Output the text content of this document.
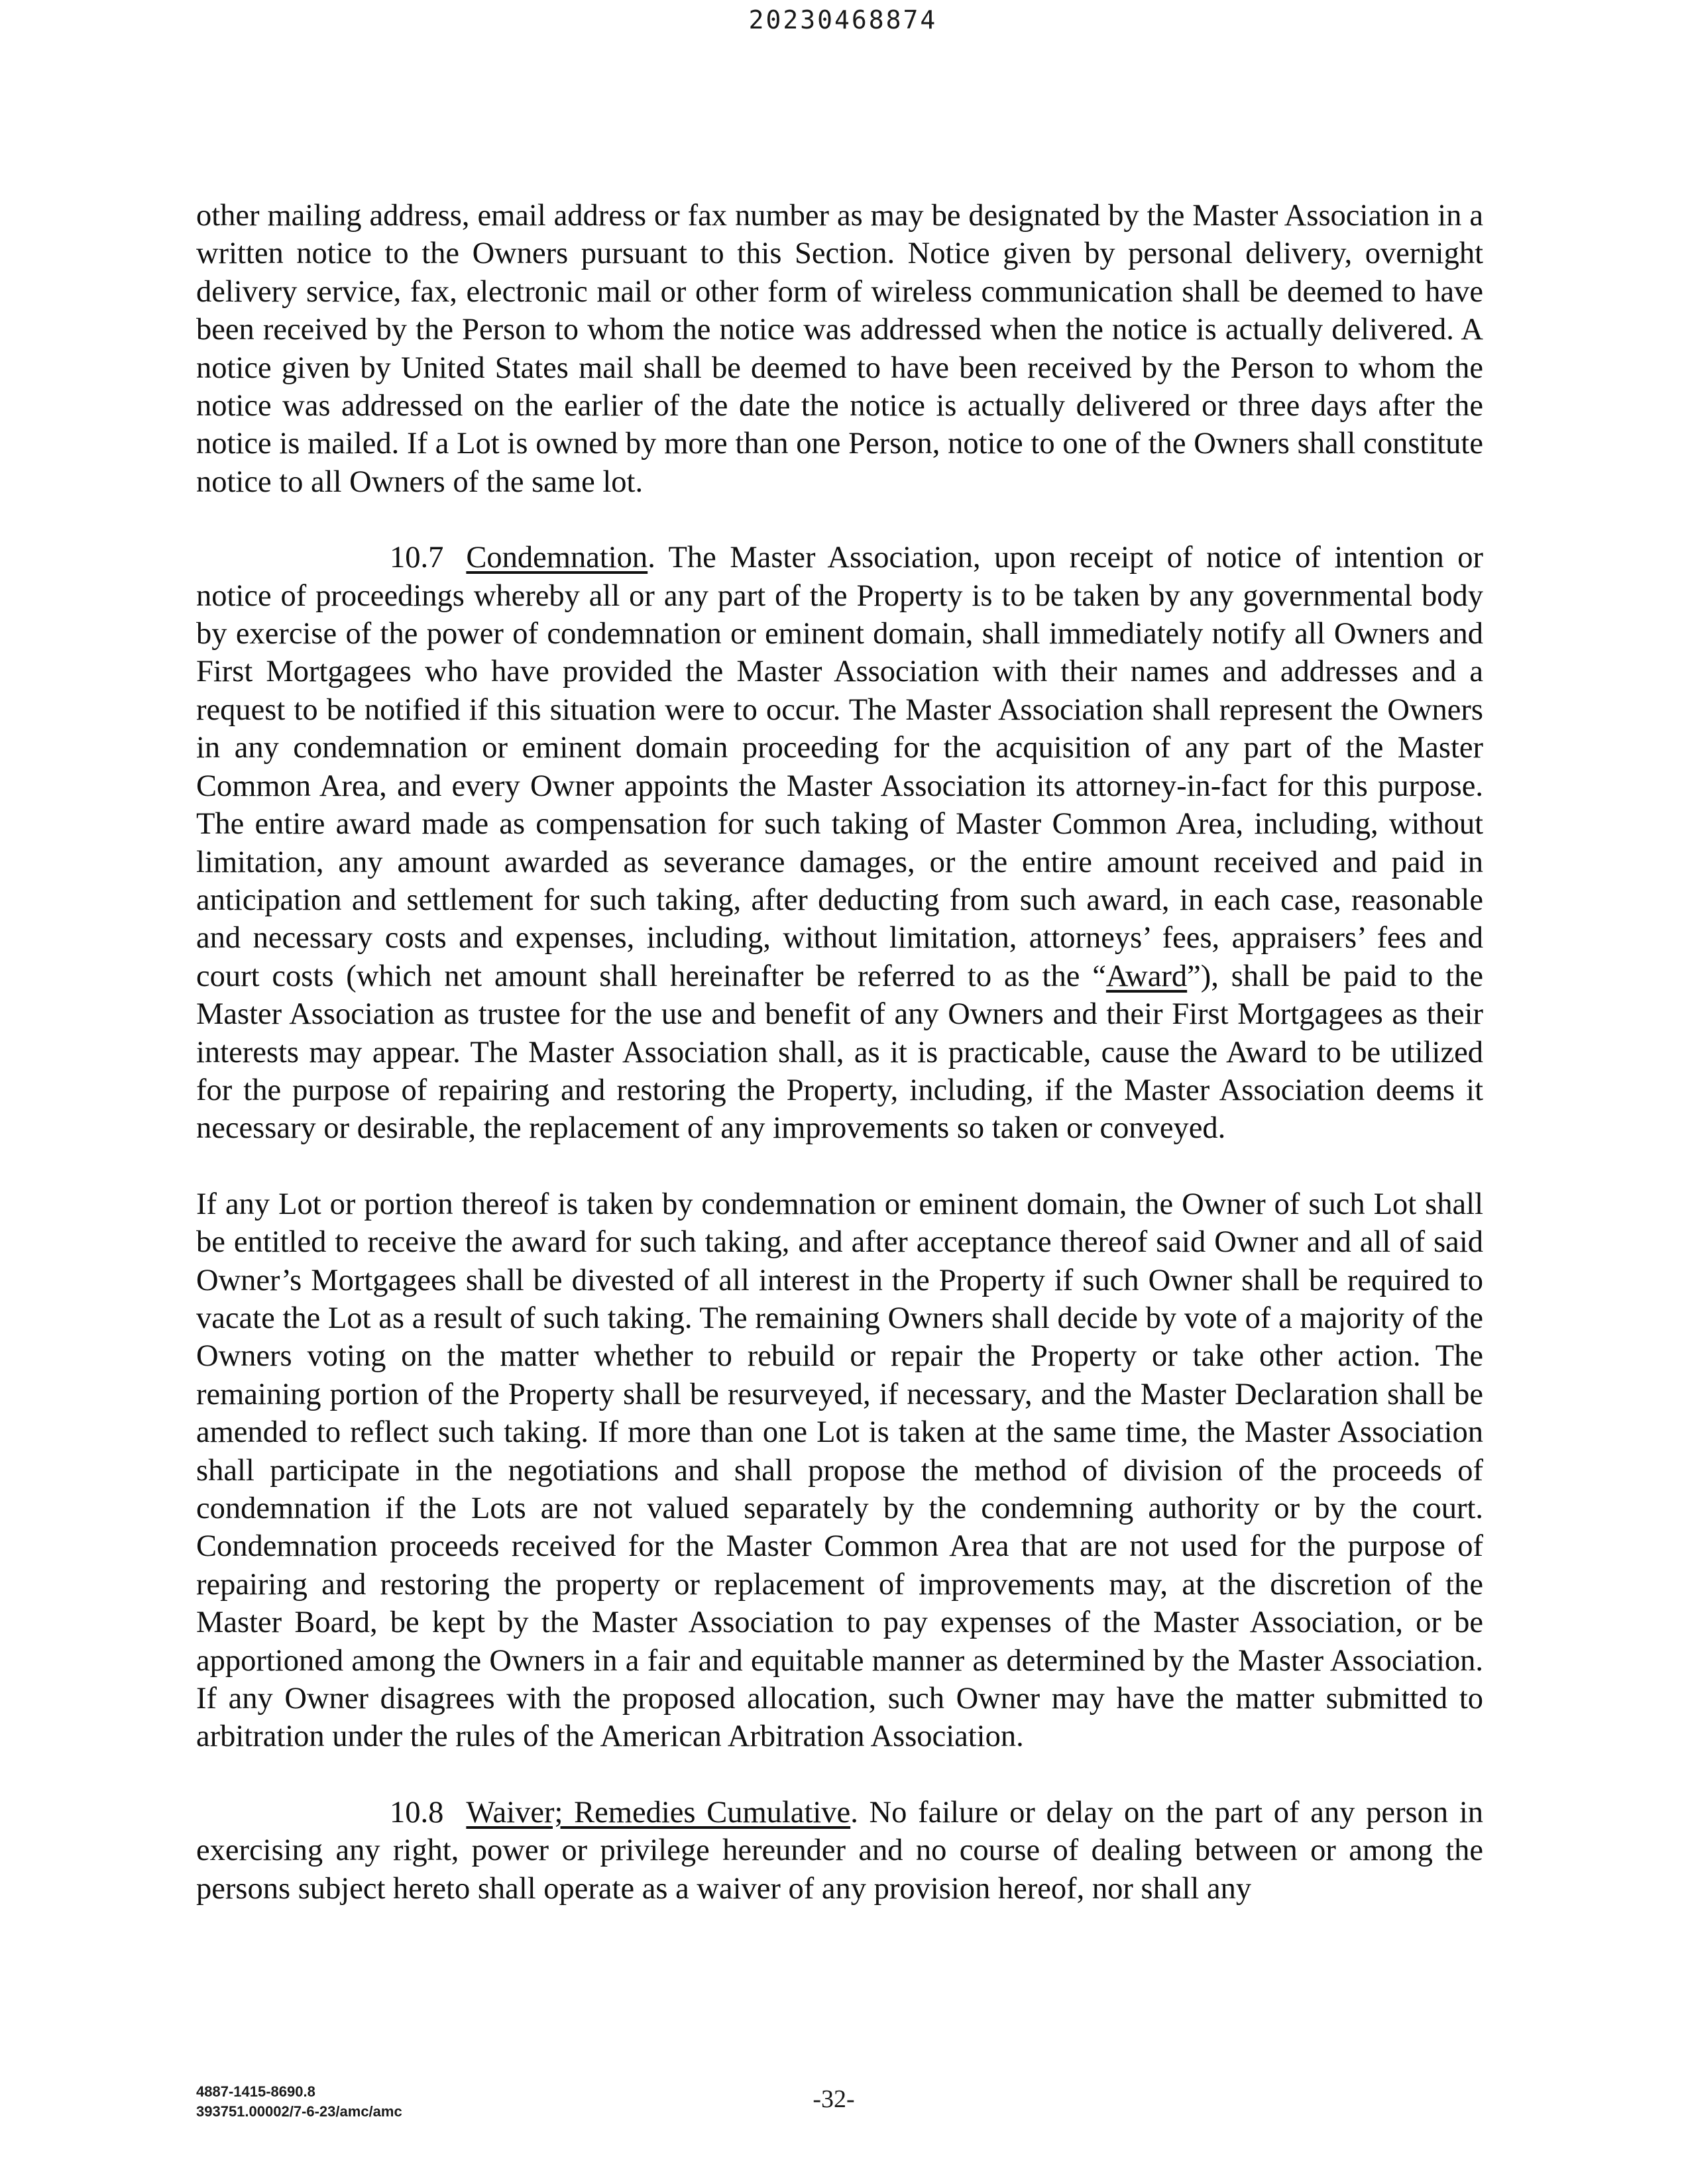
20230468874

other mailing address, email address or fax number as may be designated by the Master Association in a written notice to the Owners pursuant to this Section. Notice given by personal delivery, overnight delivery service, fax, electronic mail or other form of wireless communication shall be deemed to have been received by the Person to whom the notice was addressed when the notice is actually delivered. A notice given by United States mail shall be deemed to have been received by the Person to whom the notice was addressed on the earlier of the date the notice is actually delivered or three days after the notice is mailed. If a Lot is owned by more than one Person, notice to one of the Owners shall constitute notice to all Owners of the same lot.

10.7 Condemnation. The Master Association, upon receipt of notice of intention or notice of proceedings whereby all or any part of the Property is to be taken by any governmental body by exercise of the power of condemnation or eminent domain, shall immediately notify all Owners and First Mortgagees who have provided the Master Association with their names and addresses and a request to be notified if this situation were to occur. The Master Association shall represent the Owners in any condemnation or eminent domain proceeding for the acquisition of any part of the Master Common Area, and every Owner appoints the Master Association its attorney-in-fact for this purpose. The entire award made as compensation for such taking of Master Common Area, including, without limitation, any amount awarded as severance damages, or the entire amount received and paid in anticipation and settlement for such taking, after deducting from such award, in each case, reasonable and necessary costs and expenses, including, without limitation, attorneys’ fees, appraisers’ fees and court costs (which net amount shall hereinafter be referred to as the “Award”), shall be paid to the Master Association as trustee for the use and benefit of any Owners and their First Mortgagees as their interests may appear. The Master Association shall, as it is practicable, cause the Award to be utilized for the purpose of repairing and restoring the Property, including, if the Master Association deems it necessary or desirable, the replacement of any improvements so taken or conveyed.

If any Lot or portion thereof is taken by condemnation or eminent domain, the Owner of such Lot shall be entitled to receive the award for such taking, and after acceptance thereof said Owner and all of said Owner’s Mortgagees shall be divested of all interest in the Property if such Owner shall be required to vacate the Lot as a result of such taking. The remaining Owners shall decide by vote of a majority of the Owners voting on the matter whether to rebuild or repair the Property or take other action. The remaining portion of the Property shall be resurveyed, if necessary, and the Master Declaration shall be amended to reflect such taking. If more than one Lot is taken at the same time, the Master Association shall participate in the negotiations and shall propose the method of division of the proceeds of condemnation if the Lots are not valued separately by the condemning authority or by the court. Condemnation proceeds received for the Master Common Area that are not used for the purpose of repairing and restoring the property or replacement of improvements may, at the discretion of the Master Board, be kept by the Master Association to pay expenses of the Master Association, or be apportioned among the Owners in a fair and equitable manner as determined by the Master Association. If any Owner disagrees with the proposed allocation, such Owner may have the matter submitted to arbitration under the rules of the American Arbitration Association.

10.8 Waiver; Remedies Cumulative. No failure or delay on the part of any person in exercising any right, power or privilege hereunder and no course of dealing between or among the persons subject hereto shall operate as a waiver of any provision hereof, nor shall any

4887-1415-8690.8
393751.00002/7-6-23/amc/amc	-32-
